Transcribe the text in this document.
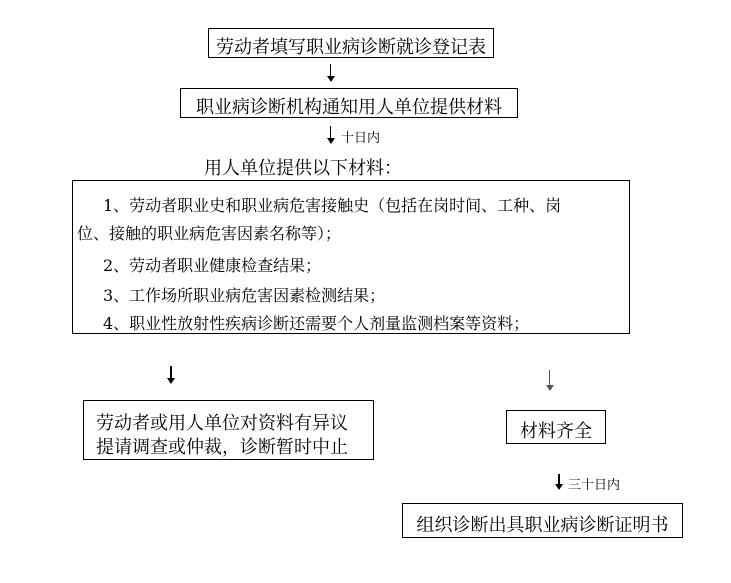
劳动者填写职业病诊断就诊登记表
职业病诊断机构通知用人单位提供材料
十日内
用人单位提供以下材料：
1、劳动者职业史和职业病危害接触史（包括在岗时间、工种、岗
位、接触的职业病危害因素名称等）；
2、劳动者职业健康检查结果；
3、工作场所职业病危害因素检测结果；
4、职业性放射性疾病诊断还需要个人剂量监测档案等资料；
劳动者或用人单位对资料有异议
提请调查或仲裁，诊断暂时中止
材料齐全
三十日内
组织诊断出具职业病诊断证明书
